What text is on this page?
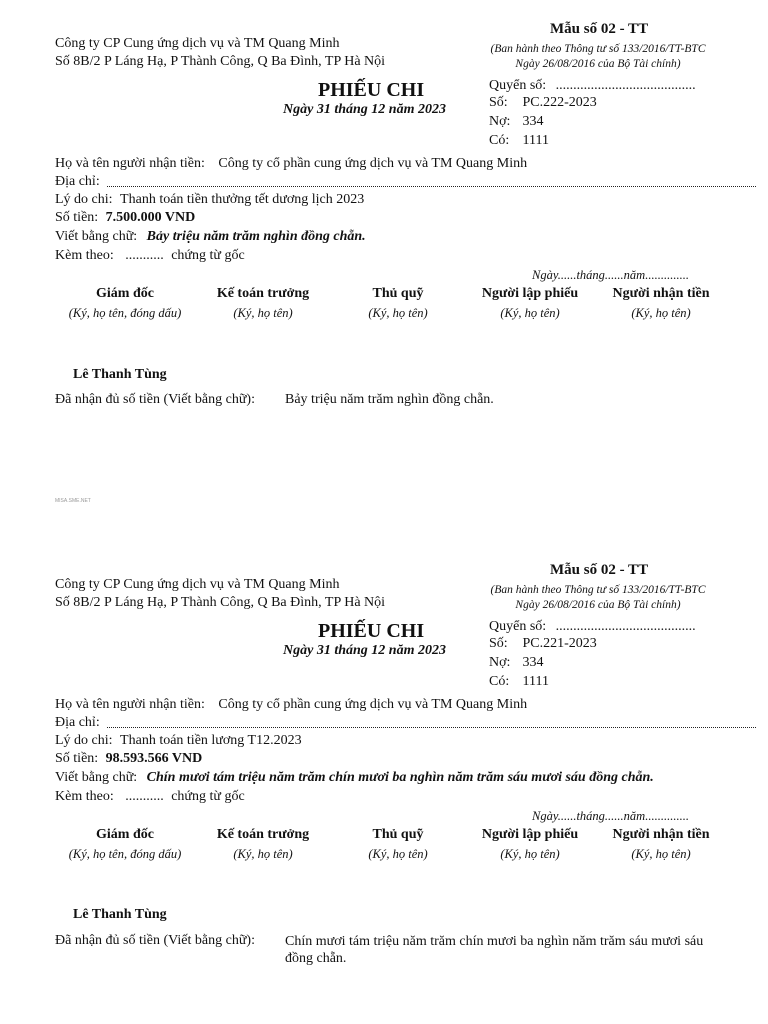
Công ty CP Cung ứng dịch vụ và TM Quang Minh
Số 8B/2 P Láng Hạ, P Thành Công, Q Ba Đình, TP Hà Nội
Mẫu số 02 - TT
(Ban hành theo Thông tư số 133/2016/TT-BTC
Ngày 26/08/2016 của Bộ Tài chính)
PHIẾU CHI
Ngày 31 tháng 12 năm 2023
Quyển số: ........................................
Số: PC.222-2023
Nợ: 334
Có: 1111
Họ và tên người nhận tiền: Công ty cổ phần cung ứng dịch vụ và TM Quang Minh
Địa chỉ:
Lý do chi: Thanh toán tiền thưởng tết dương lịch 2023
Số tiền: 7.500.000 VND
Viết bằng chữ: Bảy triệu năm trăm nghìn đồng chẵn.
Kèm theo: ........... chứng từ gốc
Ngày......tháng......năm..............
Giám đốc	Kế toán trưởng	Thủ quỹ	Người lập phiếu	Người nhận tiền
(Ký, họ tên, đóng dấu)	(Ký, họ tên)	(Ký, họ tên)	(Ký, họ tên)	(Ký, họ tên)
Lê Thanh Tùng
Đã nhận đủ số tiền (Viết bằng chữ): Bảy triệu năm trăm nghìn đồng chẵn.
MISA.SME.NET
Công ty CP Cung ứng dịch vụ và TM Quang Minh
Số 8B/2 P Láng Hạ, P Thành Công, Q Ba Đình, TP Hà Nội
Mẫu số 02 - TT
(Ban hành theo Thông tư số 133/2016/TT-BTC
Ngày 26/08/2016 của Bộ Tài chính)
PHIẾU CHI
Ngày 31 tháng 12 năm 2023
Quyển số: ........................................
Số: PC.221-2023
Nợ: 334
Có: 1111
Họ và tên người nhận tiền: Công ty cổ phần cung ứng dịch vụ và TM Quang Minh
Địa chỉ:
Lý do chi: Thanh toán tiền lương T12.2023
Số tiền: 98.593.566 VND
Viết bằng chữ: Chín mươi tám triệu năm trăm chín mươi ba nghìn năm trăm sáu mươi sáu đồng chẵn.
Kèm theo: ........... chứng từ gốc
Ngày......tháng......năm..............
Giám đốc	Kế toán trưởng	Thủ quỹ	Người lập phiếu	Người nhận tiền
(Ký, họ tên, đóng dấu)	(Ký, họ tên)	(Ký, họ tên)	(Ký, họ tên)	(Ký, họ tên)
Lê Thanh Tùng
Đã nhận đủ số tiền (Viết bằng chữ): Chín mươi tám triệu năm trăm chín mươi ba nghìn năm trăm sáu mươi sáu đồng chẵn.
